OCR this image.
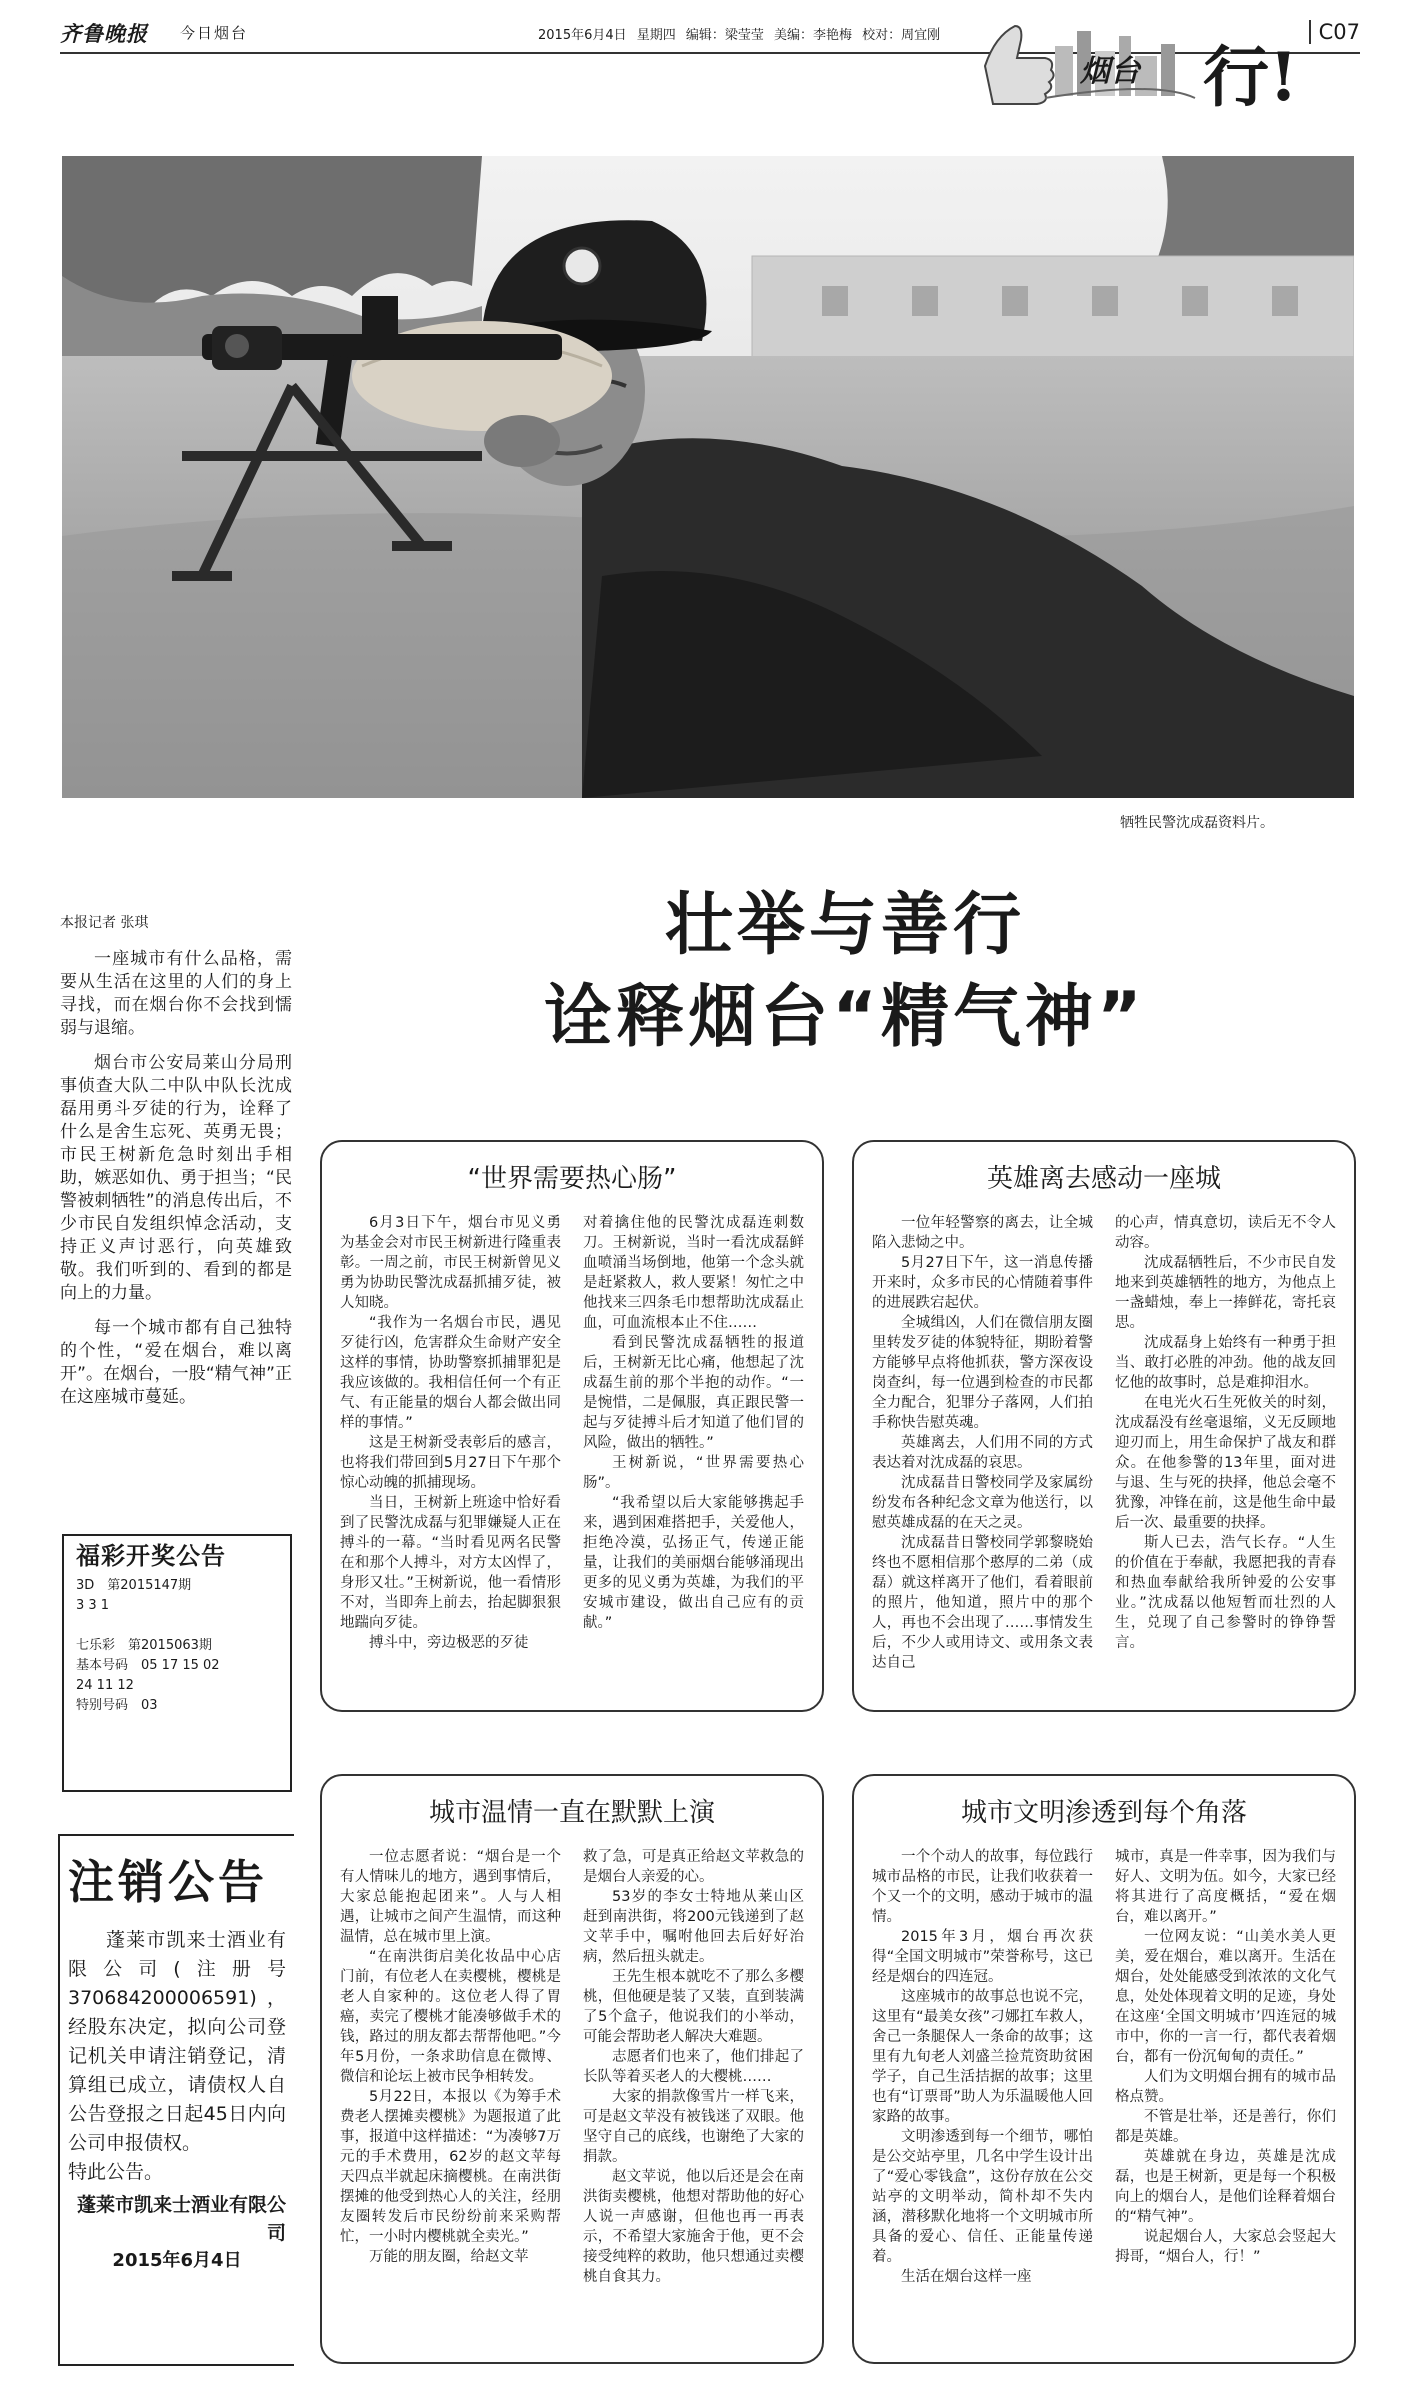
齐鲁晚报 今日烟台	2015年6月4日 星期四 编辑：梁莹莹 美编：李艳梅 校对：周宜刚
烟台 行!
C07
牺牲民警沈成磊资料片。
本报记者 张琪

一座城市有什么品格，需要从生活在这里的人们的身上寻找，而在烟台你不会找到懦弱与退缩。

烟台市公安局莱山分局刑事侦查大队二中队中队长沈成磊用勇斗歹徒的行为，诠释了什么是舍生忘死、英勇无畏；市民王树新危急时刻出手相助，嫉恶如仇、勇于担当；“民警被刺牺牲”的消息传出后，不少市民自发组织悼念活动，支持正义声讨恶行，向英雄致敬。我们听到的、看到的都是向上的力量。

每一个城市都有自己独特的个性，“爱在烟台，难以离开”。在烟台，一股“精气神”正在这座城市蔓延。

福彩开奖公告
3D　第2015147期
3 3 1
七乐彩　第2015063期
基本号码　05 17 15 02
24 11 12
特别号码　03
注销公告

蓬莱市凯来士酒业有限公司(注册号370684200006591)，经股东决定，拟向公司登记机关申请注销登记，清算组已成立，请债权人自公告登报之日起45日内向公司申报债权。

特此公告。
蓬莱市凯来士酒业有限公司
2015年6月4日
壮举与善行
诠释烟台“精气神”
“世界需要热心肠”

6月3日下午，烟台市见义勇为基金会对市民王树新进行隆重表彰。一周之前，市民王树新曾见义勇为协助民警沈成磊抓捕歹徒，被人知晓。

“我作为一名烟台市民，遇见歹徒行凶，危害群众生命财产安全这样的事情，协助警察抓捕罪犯是我应该做的。我相信任何一个有正气、有正能量的烟台人都会做出同样的事情。”

这是王树新受表彰后的感言，也将我们带回到5月27日下午那个惊心动魄的抓捕现场。

当日，王树新上班途中恰好看到了民警沈成磊与犯罪嫌疑人正在搏斗的一幕。“当时看见两名民警在和那个人搏斗，对方太凶悍了，身形又壮。”王树新说，他一看情形不对，当即奔上前去，抬起脚狠狠地踹向歹徒。

搏斗中，旁边极恶的歹徒

对着擒住他的民警沈成磊连刺数刀。王树新说，当时一看沈成磊鲜血喷涌当场倒地，他第一个念头就是赶紧救人，救人要紧！匆忙之中他找来三四条毛巾想帮助沈成磊止血，可血流根本止不住……

看到民警沈成磊牺牲的报道后，王树新无比心痛，他想起了沈成磊生前的那个半抱的动作。“一是惋惜，二是佩服，真正跟民警一起与歹徒搏斗后才知道了他们冒的风险，做出的牺牲。”

王树新说，“世界需要热心肠”。

“我希望以后大家能够携起手来，遇到困难搭把手，关爱他人，拒绝冷漠，弘扬正气，传递正能量，让我们的美丽烟台能够涌现出更多的见义勇为英雄，为我们的平安城市建设，做出自己应有的贡献。”

英雄离去感动一座城

一位年轻警察的离去，让全城陷入悲恸之中。

5月27日下午，这一消息传播开来时，众多市民的心情随着事件的进展跌宕起伏。

全城缉凶，人们在微信朋友圈里转发歹徒的体貌特征，期盼着警方能够早点将他抓获，警方深夜设岗查纠，每一位遇到检查的市民都全力配合，犯罪分子落网，人们拍手称快告慰英魂。

英雄离去，人们用不同的方式表达着对沈成磊的哀思。

沈成磊昔日警校同学及家属纷纷发布各种纪念文章为他送行，以慰英雄成磊的在天之灵。

沈成磊昔日警校同学郭黎晓始终也不愿相信那个憨厚的二弟（成磊）就这样离开了他们，看着眼前的照片，他知道，照片中的那个人，再也不会出现了……事情发生后，不少人或用诗文、或用条文表达自己

的心声，情真意切，读后无不令人动容。

沈成磊牺牲后，不少市民自发地来到英雄牺牲的地方，为他点上一盏蜡烛，奉上一捧鲜花，寄托哀思。

沈成磊身上始终有一种勇于担当、敢打必胜的冲劲。他的战友回忆他的故事时，总是难抑泪水。

在电光火石生死攸关的时刻，沈成磊没有丝毫退缩，义无反顾地迎刃而上，用生命保护了战友和群众。在他参警的13年里，面对进与退、生与死的抉择，他总会毫不犹豫，冲锋在前，这是他生命中最后一次、最重要的抉择。

斯人已去，浩气长存。“人生的价值在于奉献，我愿把我的青春和热血奉献给我所钟爱的公安事业。”沈成磊以他短暂而壮烈的人生，兑现了自己参警时的铮铮誓言。

城市温情一直在默默上演

一位志愿者说：“烟台是一个有人情味儿的地方，遇到事情后，大家总能抱起团来”。人与人相遇，让城市之间产生温情，而这种温情，总在城市里上演。

“在南洪街启美化妆品中心店门前，有位老人在卖樱桃，樱桃是老人自家种的。这位老人得了胃癌，卖完了樱桃才能凑够做手术的钱，路过的朋友都去帮帮他吧。”今年5月份，一条求助信息在微博、微信和论坛上被市民争相转发。

5月22日，本报以《为筹手术费老人摆摊卖樱桃》为题报道了此事，报道中这样描述：“为凑够7万元的手术费用，62岁的赵文苹每天四点半就起床摘樱桃。在南洪街摆摊的他受到热心人的关注，经朋友圈转发后市民纷纷前来采购帮忙，一小时内樱桃就全卖光。”

万能的朋友圈，给赵文苹

救了急，可是真正给赵文苹救急的是烟台人亲爱的心。

53岁的李女士特地从莱山区赶到南洪街，将200元钱递到了赵文苹手中，嘱咐他回去后好好治病，然后扭头就走。

王先生根本就吃不了那么多樱桃，但他硬是装了又装，直到装满了5个盒子，他说我们的小举动，可能会帮助老人解决大难题。

志愿者们也来了，他们排起了长队等着买老人的大樱桃……

大家的捐款像雪片一样飞来，可是赵文苹没有被钱迷了双眼。他坚守自己的底线，也谢绝了大家的捐款。

赵文苹说，他以后还是会在南洪街卖樱桃，他想对帮助他的好心人说一声感谢，但他也再一再表示，不希望大家施舍于他，更不会接受纯粹的救助，他只想通过卖樱桃自食其力。

城市文明渗透到每个角落

一个个动人的故事，每位践行城市品格的市民，让我们收获着一个又一个的文明，感动于城市的温情。

2015年3月，烟台再次获得“全国文明城市”荣誉称号，这已经是烟台的四连冠。

这座城市的故事总也说不完，这里有“最美女孩”刁娜扛车救人，舍己一条腿保人一条命的故事；这里有九旬老人刘盛兰捡荒资助贫困学子，自己生活拮据的故事；这里也有“订票哥”助人为乐温暖他人回家路的故事。

文明渗透到每一个细节，哪怕是公交站亭里，几名中学生设计出了“爱心零钱盒”，这份存放在公交站亭的文明举动，简朴却不失内涵，潜移默化地将一个文明城市所具备的爱心、信任、正能量传递着。

生活在烟台这样一座

城市，真是一件幸事，因为我们与好人、文明为伍。如今，大家已经将其进行了高度概括，“爱在烟台，难以离开。”

一位网友说：“山美水美人更美，爱在烟台，难以离开。生活在烟台，处处能感受到浓浓的文化气息，处处体现着文明的足迹，身处在这座‘全国文明城市’四连冠的城市中，你的一言一行，都代表着烟台，都有一份沉甸甸的责任。”

人们为文明烟台拥有的城市品格点赞。

不管是壮举，还是善行，你们都是英雄。

英雄就在身边，英雄是沈成磊，也是王树新，更是每一个积极向上的烟台人，是他们诠释着烟台的“精气神”。

说起烟台人，大家总会竖起大拇哥，“烟台人，行！”
